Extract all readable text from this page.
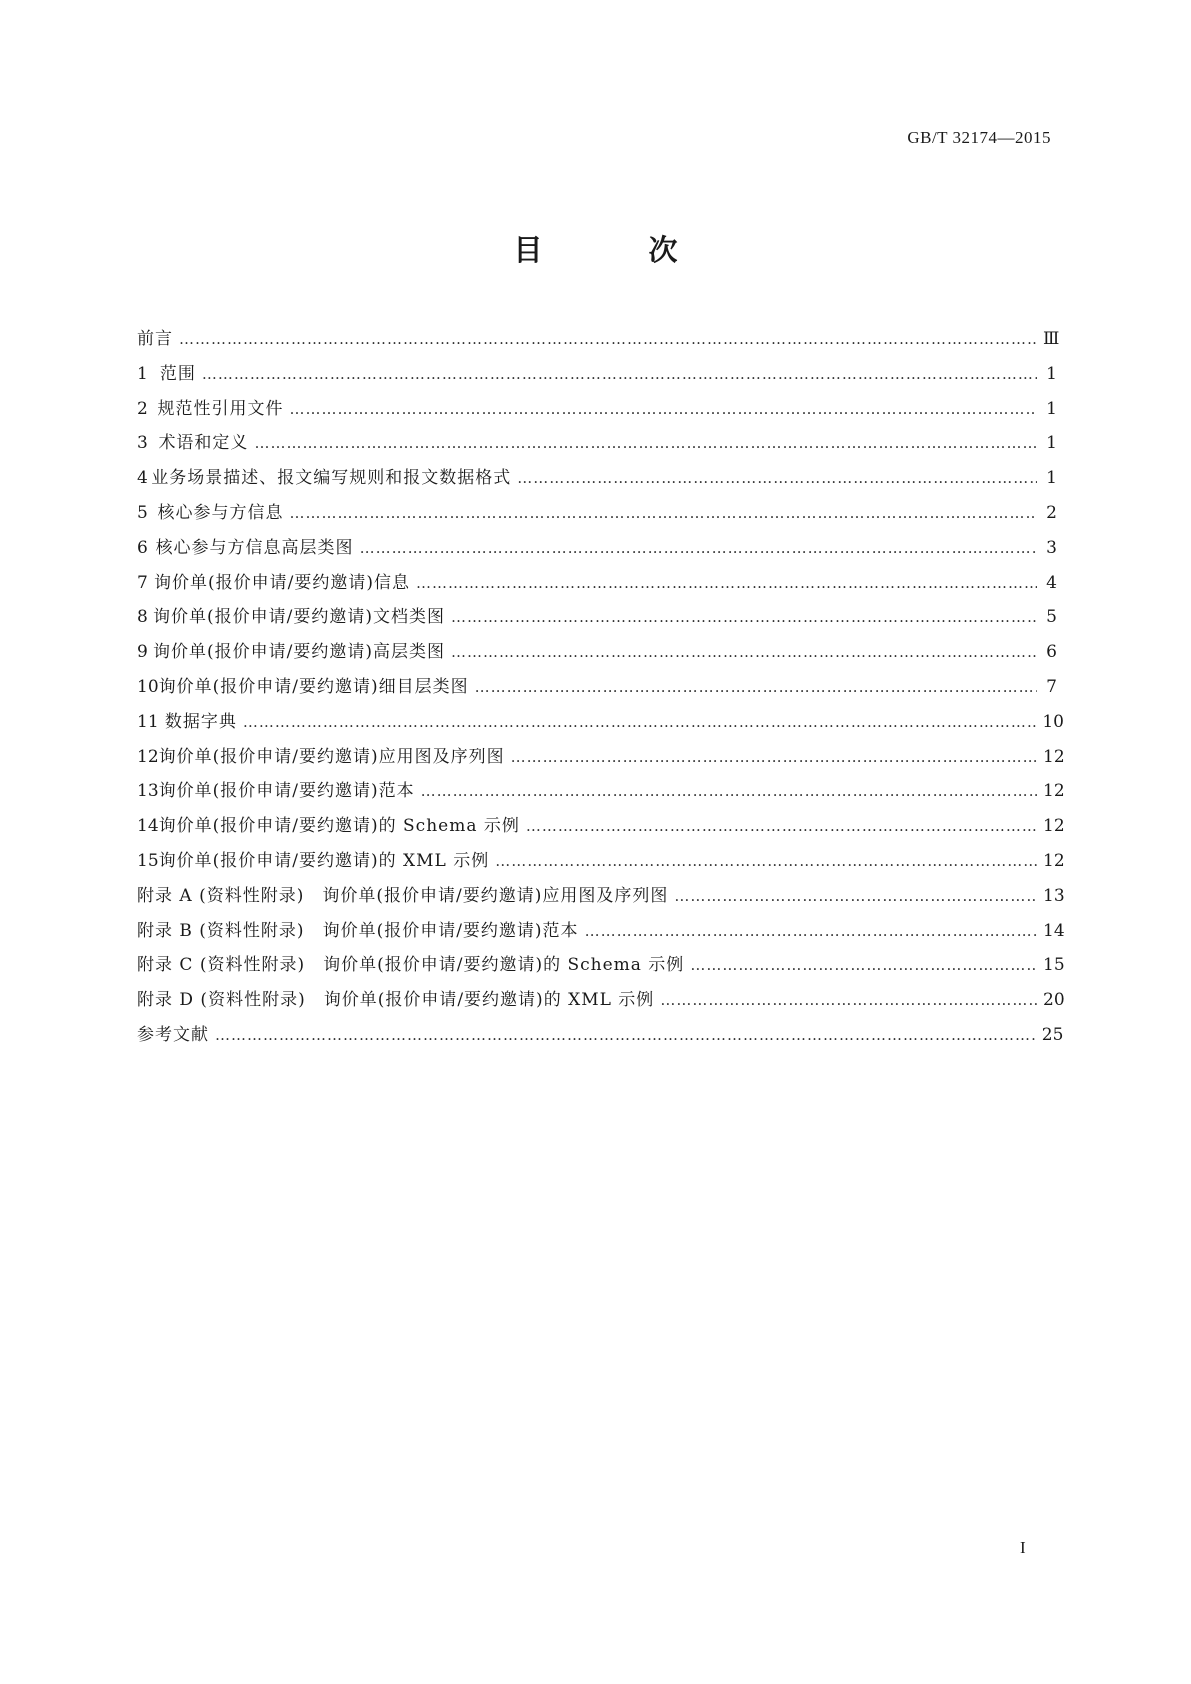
GB/T 32174—2015
目 次
前言 …………………………………………………………………………………………………………………………………………………………………………………………………	Ⅲ
1 范围 …………………………………………………………………………………………………………………………………………………………………………………………………	1
2 规范性引用文件 …………………………………………………………………………………………………………………………………………………………………………………………………	1
3 术语和定义 …………………………………………………………………………………………………………………………………………………………………………………………………	1
4 业务场景描述、报文编写规则和报文数据格式 …………………………………………………………………………………………………………………………………………………………………………………………………	1
5 核心参与方信息 …………………………………………………………………………………………………………………………………………………………………………………………………	2
6 核心参与方信息高层类图 …………………………………………………………………………………………………………………………………………………………………………………………………	3
7 询价单(报价申请/要约邀请)信息 …………………………………………………………………………………………………………………………………………………………………………………………………	4
8 询价单(报价申请/要约邀请)文档类图 …………………………………………………………………………………………………………………………………………………………………………………………………	5
9 询价单(报价申请/要约邀请)高层类图 …………………………………………………………………………………………………………………………………………………………………………………………………	6
10 询价单(报价申请/要约邀请)细目层类图 …………………………………………………………………………………………………………………………………………………………………………………………………	7
11 数据字典 …………………………………………………………………………………………………………………………………………………………………………………………………	10
12 询价单(报价申请/要约邀请)应用图及序列图 …………………………………………………………………………………………………………………………………………………………………………………………………	12
13 询价单(报价申请/要约邀请)范本 …………………………………………………………………………………………………………………………………………………………………………………………………	12
14 询价单(报价申请/要约邀请)的 Schema 示例 …………………………………………………………………………………………………………………………………………………………………………………………………	12
15 询价单(报价申请/要约邀请)的 XML 示例 …………………………………………………………………………………………………………………………………………………………………………………………………	12
附录 A (资料性附录)　询价单(报价申请/要约邀请)应用图及序列图 …………………………………………………………………………………………………………………………………………………………………………………………………	13
附录 B (资料性附录)　询价单(报价申请/要约邀请)范本 …………………………………………………………………………………………………………………………………………………………………………………………………	14
附录 C (资料性附录)　询价单(报价申请/要约邀请)的 Schema 示例 …………………………………………………………………………………………………………………………………………………………………………………………………	15
附录 D (资料性附录)　询价单(报价申请/要约邀请)的 XML 示例 …………………………………………………………………………………………………………………………………………………………………………………………………	20
参考文献 …………………………………………………………………………………………………………………………………………………………………………………………………	25
I
